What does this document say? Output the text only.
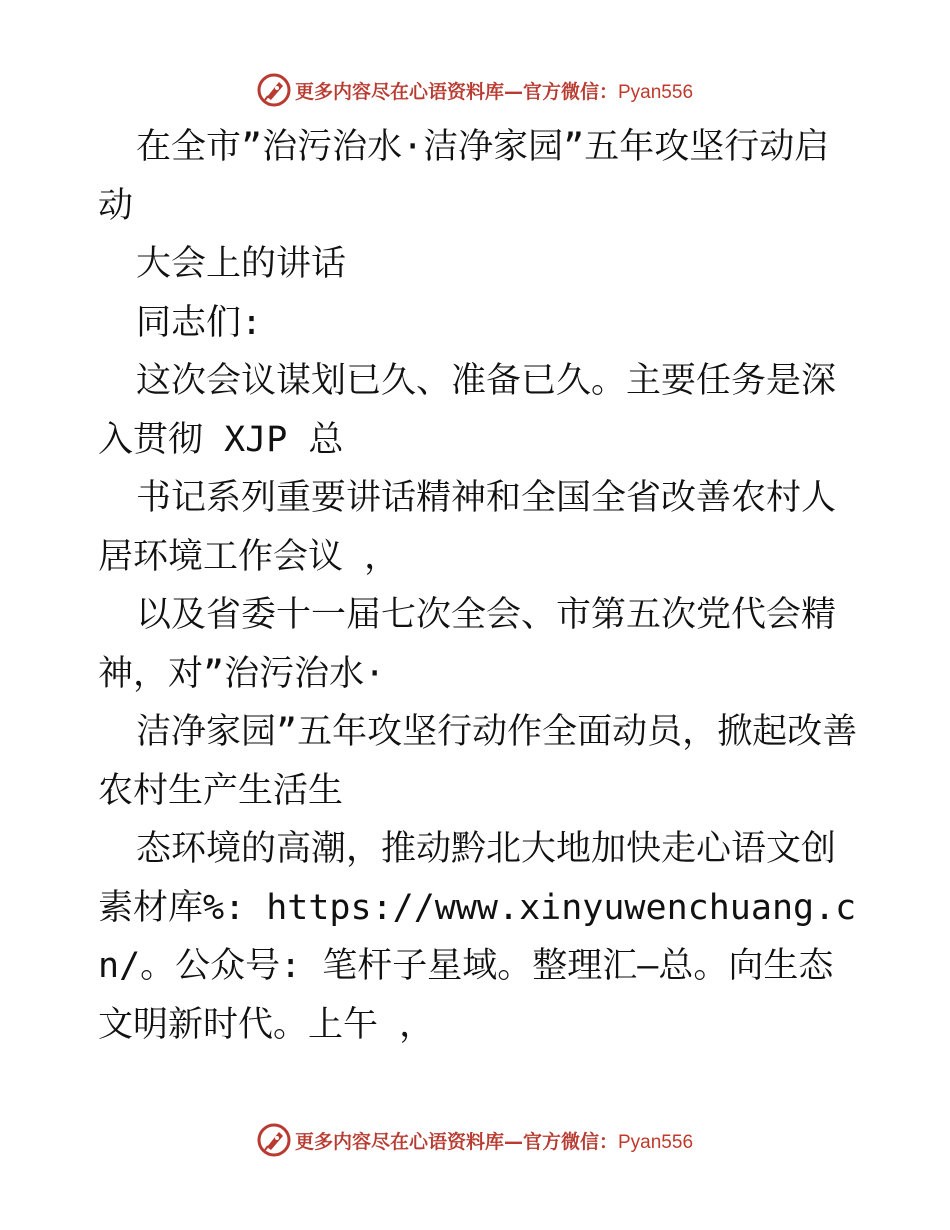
更多内容尽在心语资料库—官方微信：Pyan556

在全市”治污治水·洁净家园”五年攻坚行动启动

大会上的讲话

同志们:

这次会议谋划已久、准备已久。主要任务是深入贯彻 XJP 总

书记系列重要讲话精神和全国全省改善农村人居环境工作会议 ，

以及省委十一届七次全会、市第五次党代会精神，对”治污治水·

洁净家园”五年攻坚行动作全面动员，掀起改善农村生产生活生

态环境的高潮，推动黔北大地加快走心语文创素材库%: https://www.xinyuwenchuang.cn/。公众号: 笔杆子星域。整理汇—总。向生态文明新时代。上午 ，

更多内容尽在心语资料库—官方微信：Pyan556
